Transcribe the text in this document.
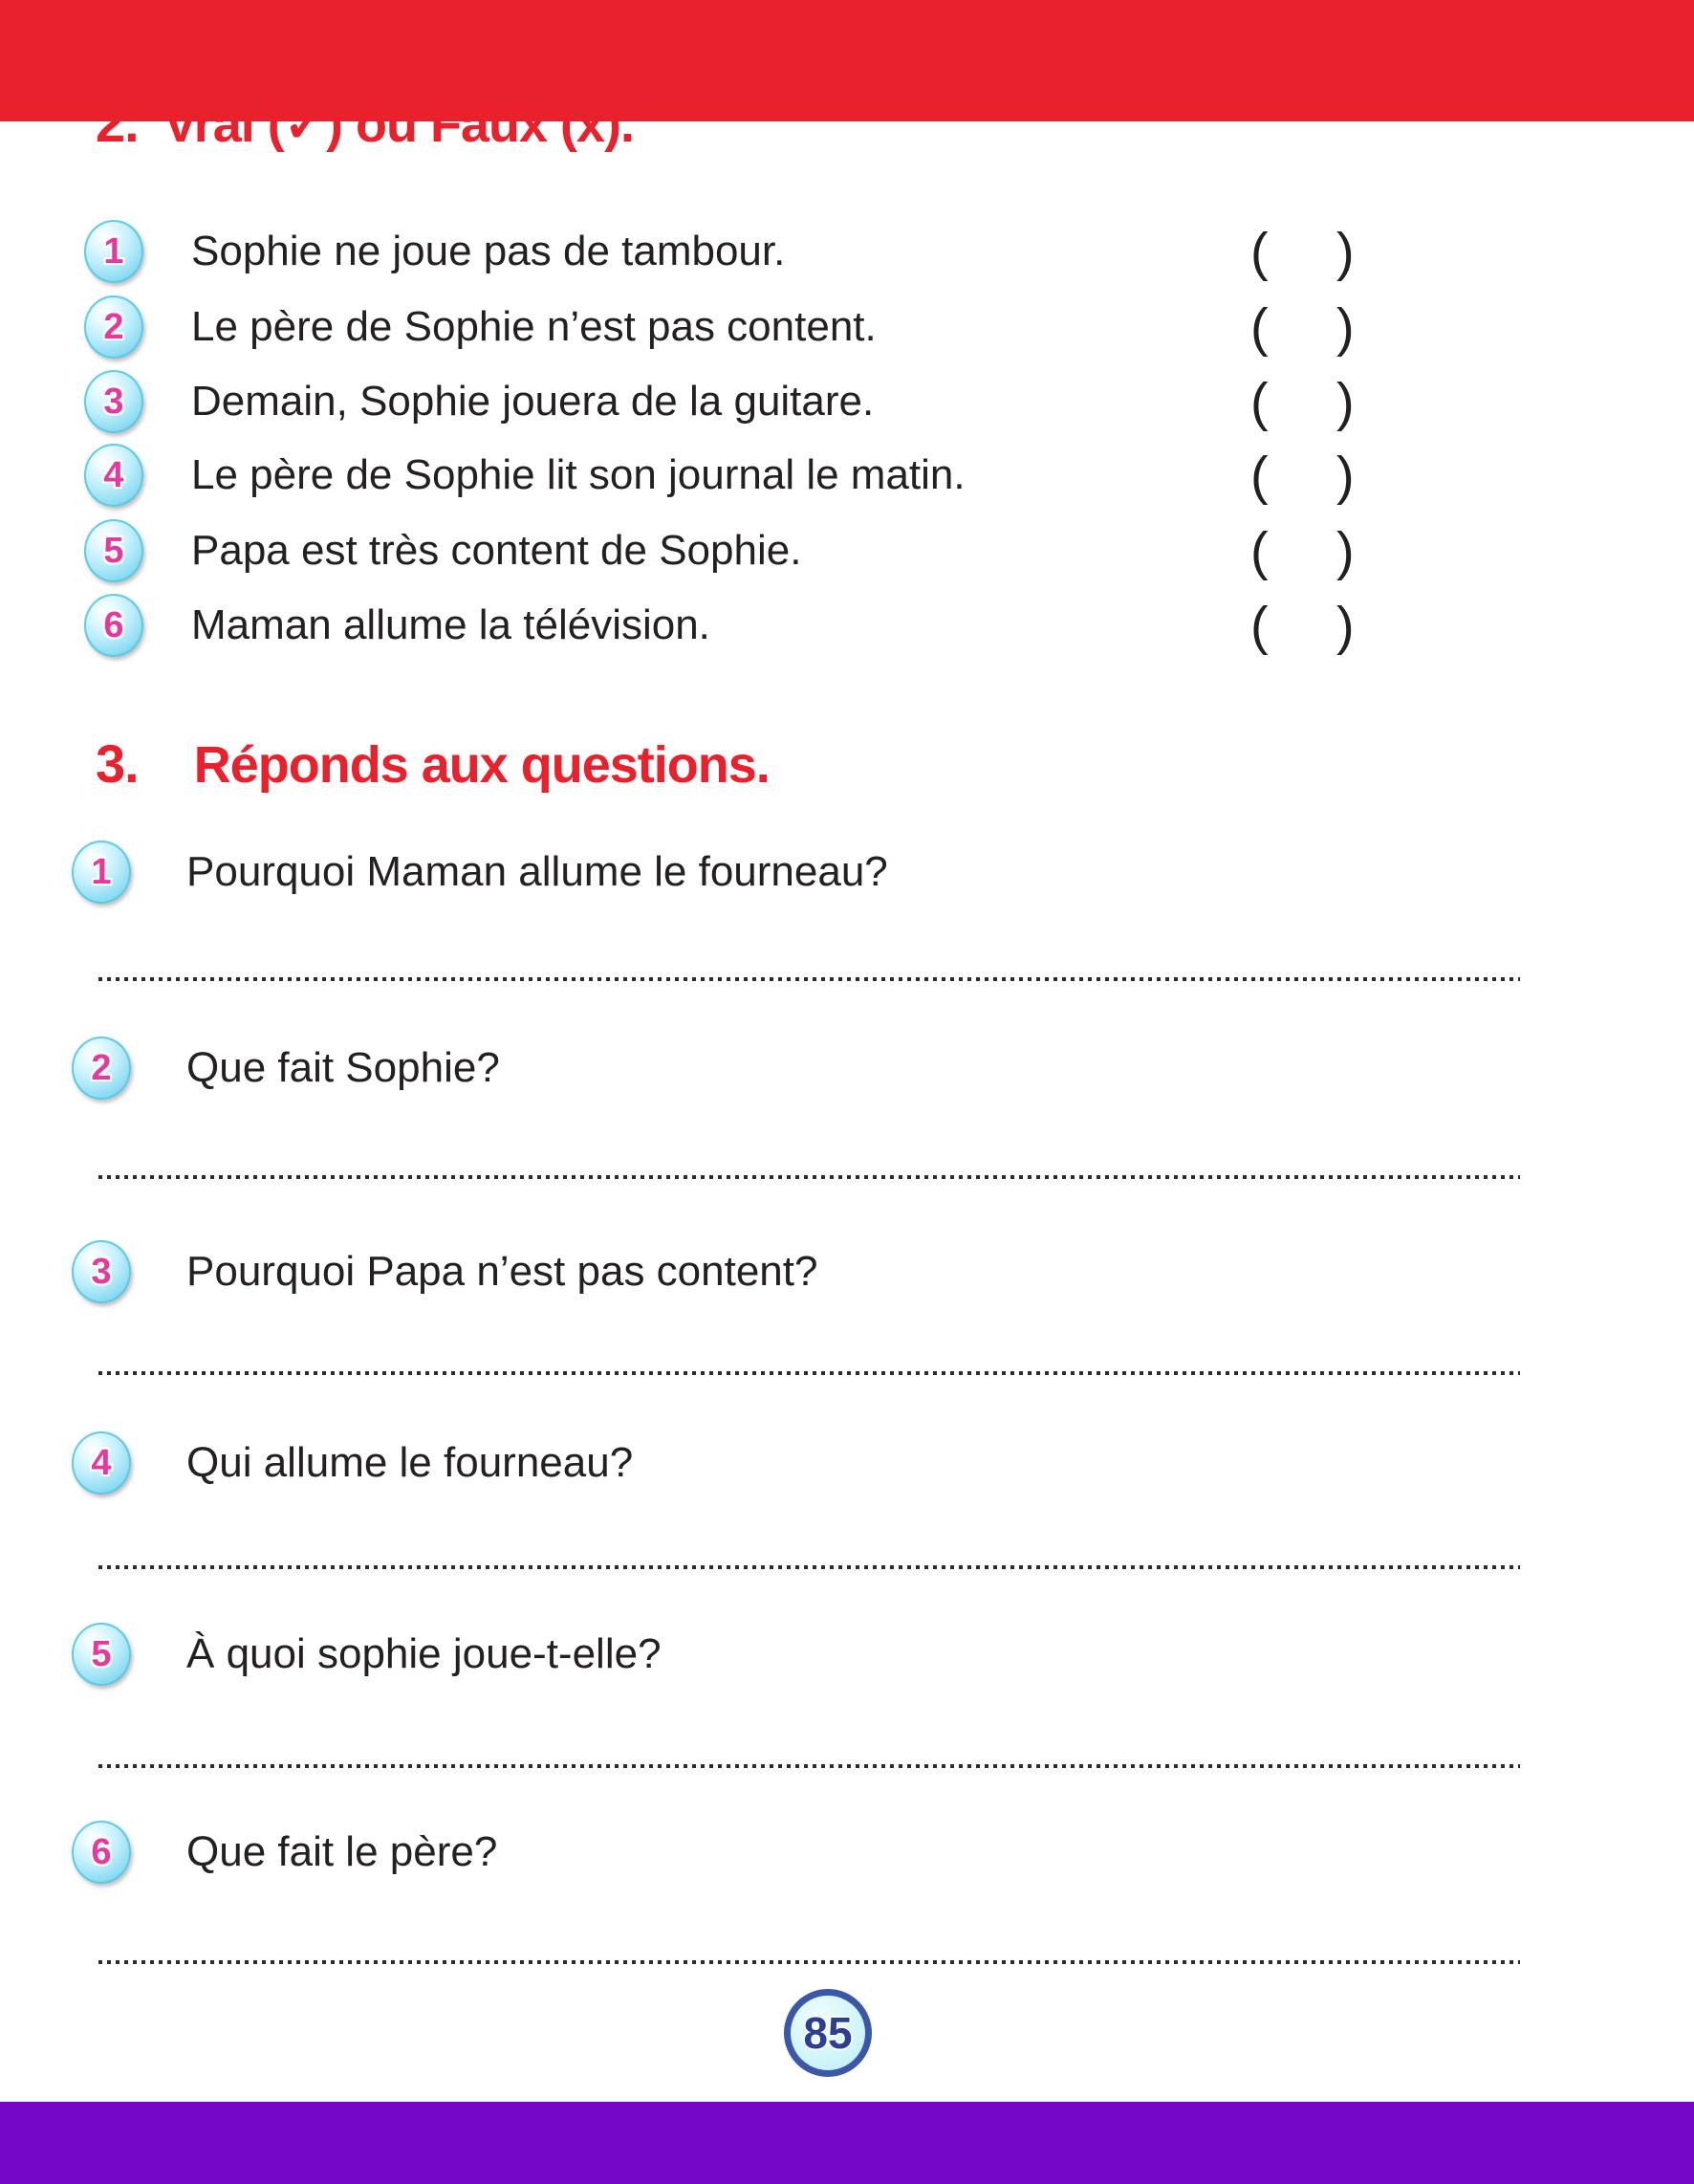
2. Vrai (✓) ou Faux (x).
1 Sophie ne joue pas de tambour.	( )
2 Le père de Sophie n’est pas content.	( )
3 Demain, Sophie jouera de la guitare.	( )
4 Le père de Sophie lit son journal le matin.	( )
5 Papa est très content de Sophie.	( )
6 Maman allume la télévision.	( )
3. Réponds aux questions.
1 Pourquoi Maman allume le fourneau?
2 Que fait Sophie?
3 Pourquoi Papa n’est pas content?
4 Qui allume le fourneau?
5 À quoi sophie joue-t-elle?
6 Que fait le père?
85
